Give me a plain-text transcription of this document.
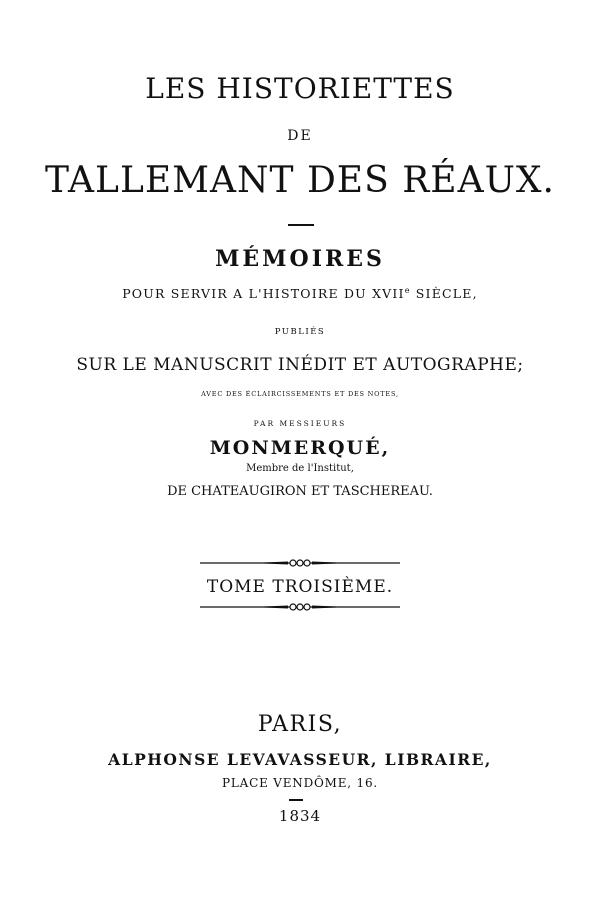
LES HISTORIETTES
DE
TALLEMANT DES RÉAUX.
MÉMOIRES
POUR SERVIR A L'HISTOIRE DU XVIIe SIÈCLE,
PUBLIÉS
SUR LE MANUSCRIT INÉDIT ET AUTOGRAPHE;
AVEC DES ÉCLAIRCISSEMENTS ET DES NOTES,
PAR MESSIEURS
MONMERQUÉ,
Membre de l'Institut,
DE CHATEAUGIRON ET TASCHEREAU.
TOME TROISIÈME.
PARIS,
ALPHONSE LEVAVASSEUR, LIBRAIRE,
PLACE VENDÔME, 16.
1834
